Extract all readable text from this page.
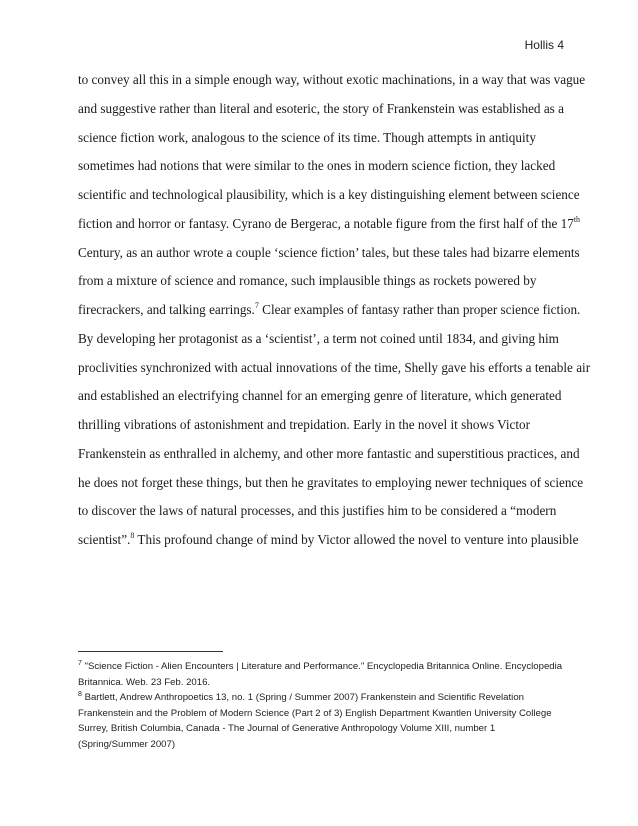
Hollis 4
to convey all this in a simple enough way, without exotic machinations, in a way that was vague
and suggestive rather than literal and esoteric, the story of Frankenstein was established as a
science fiction work, analogous to the science of its time. Though attempts in antiquity
sometimes had notions that were similar to the ones in modern science fiction, they lacked
scientific and technological plausibility, which is a key distinguishing element between science
fiction and horror or fantasy. Cyrano de Bergerac, a notable figure from the first half of the 17th
Century, as an author wrote a couple ‘science fiction’ tales, but these tales had bizarre elements
from a mixture of science and romance, such implausible things as rockets powered by
firecrackers, and talking earrings.$^7$ Clear examples of fantasy rather than proper science fiction.
By developing her protagonist as a ‘scientist’, a term not coined until 1834, and giving him
proclivities synchronized with actual innovations of the time, Shelly gave his efforts a tenable air
and established an electrifying channel for an emerging genre of literature, which generated
thrilling vibrations of astonishment and trepidation. Early in the novel it shows Victor
Frankenstein as enthralled in alchemy, and other more fantastic and superstitious practices, and
he does not forget these things, but then he gravitates to employing newer techniques of science
to discover the laws of natural processes, and this justifies him to be considered a “modern
scientist”.$^8$ This profound change of mind by Victor allowed the novel to venture into plausible
$^7$ "Science Fiction - Alien Encounters | Literature and Performance." Encyclopedia Britannica Online. Encyclopedia
Britannica. Web. 23 Feb. 2016.
$^8$ Bartlett, Andrew Anthropoetics 13, no. 1 (Spring / Summer 2007) Frankenstein and Scientific Revelation
Frankenstein and the Problem of Modern Science (Part 2 of 3) English Department Kwantlen University College
Surrey, British Columbia, Canada - The Journal of Generative Anthropology Volume XIII, number 1
(Spring/Summer 2007)
